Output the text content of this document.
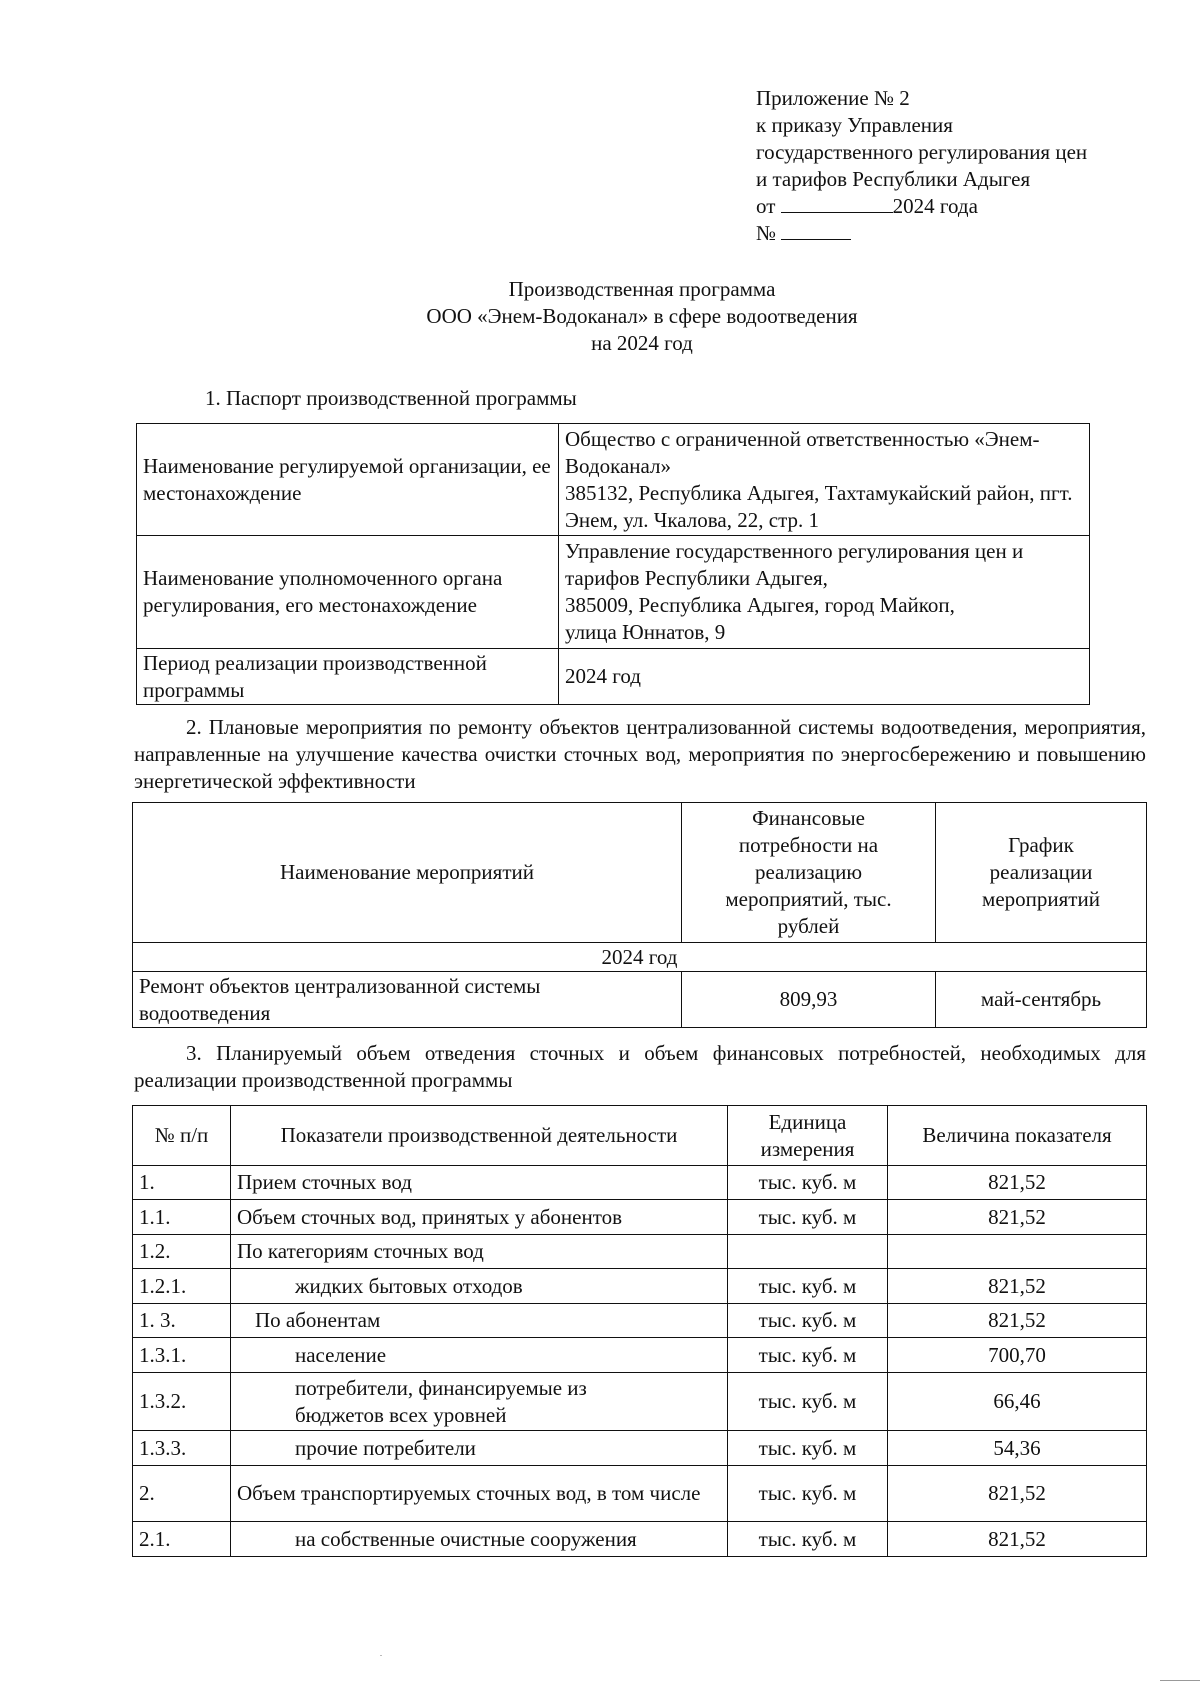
Приложение № 2
к приказу Управления
государственного регулирования цен
и тарифов Республики Адыгея
от	2024 года
№
Производственная программа
ООО «Энем-Водоканал» в сфере водоотведения
на 2024 год
1. Паспорт производственной программы
Наименование регулируемой организации, ее местонахождение	Общество с ограниченной ответственностью «Энем-Водоканал»
385132, Республика Адыгея, Тахтамукайский район, пгт. Энем, ул. Чкалова, 22, стр. 1

Наименование уполномоченного органа регулирования, его местонахождение	Управление государственного регулирования цен и тарифов Республики Адыгея,
385009, Республика Адыгея, город Майкоп,
улица Юннатов, 9

Период реализации производственной программы	2024 год
2. Плановые мероприятия по ремонту объектов централизованной системы водоотведения, мероприятия, направленные на улучшение качества очистки сточных вод, мероприятия по энергосбережению и повышению энергетической эффективности
Наименование мероприятий	Финансовые потребности на реализацию мероприятий, тыс. рублей	График реализации мероприятий
2024 год		
Ремонт объектов централизованной системы водоотведения	809,93	май-сентябрь
3. Планируемый объем отведения сточных и объем финансовых потребностей, необходимых для реализации производственной программы
№ п/п	Показатели производственной деятельности	Единица измерения	Величина показателя
1.	Прием сточных вод	тыс. куб. м	821,52
1.1.	Объем сточных вод, принятых у абонентов	тыс. куб. м	821,52
1.2.	По категориям сточных вод		
1.2.1.	жидких бытовых отходов	тыс. куб. м	821,52
1. 3.	По абонентам	тыс. куб. м	821,52
1.3.1.	население	тыс. куб. м	700,70
1.3.2.	потребители, финансируемые из бюджетов всех уровней	тыс. куб. м	66,46
1.3.3.	прочие потребители	тыс. куб. м	54,36
2.	Объем транспортируемых сточных вод, в том числе	тыс. куб. м	821,52
2.1.	на собственные очистные сооружения	тыс. куб. м	821,52
